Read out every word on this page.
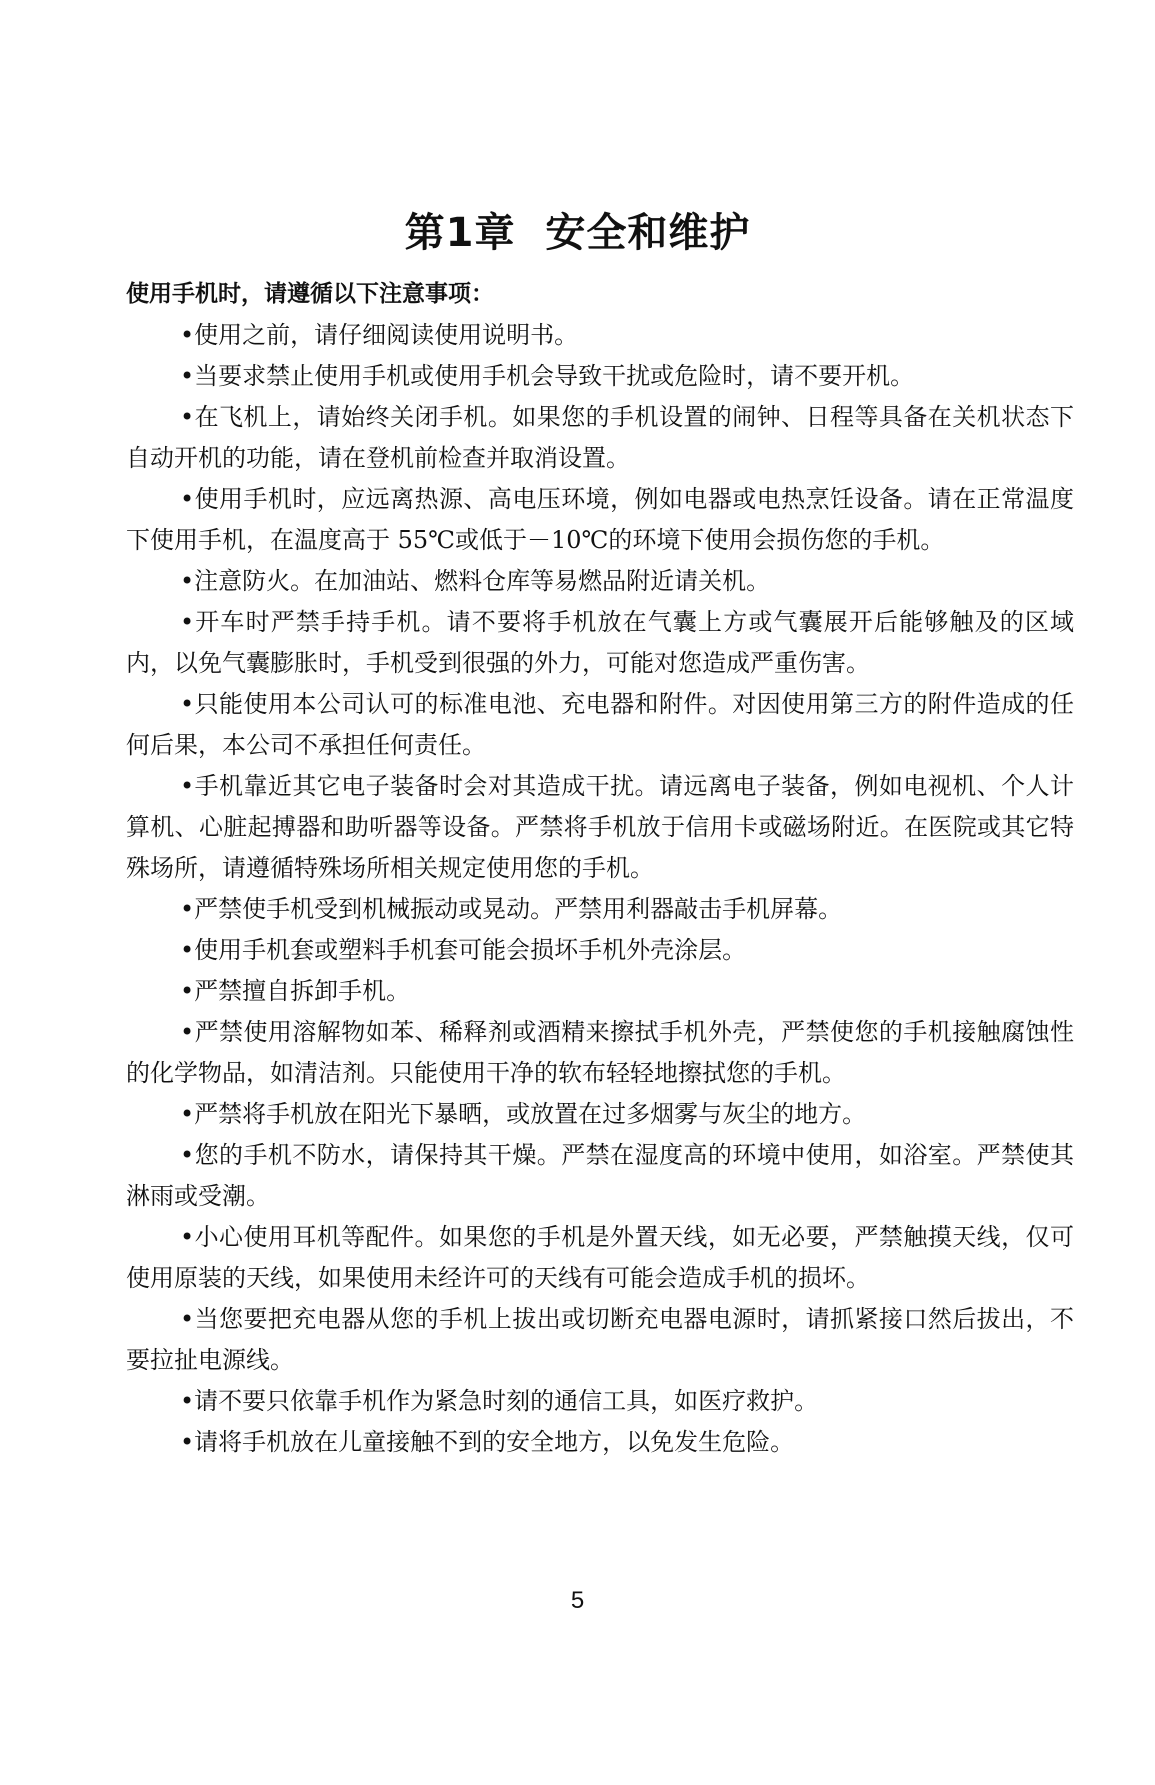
第1章  安全和维护

使用手机时，请遵循以下注意事项：

•使用之前，请仔细阅读使用说明书。

•当要求禁止使用手机或使用手机会导致干扰或危险时，请不要开机。

•在飞机上，请始终关闭手机。如果您的手机设置的闹钟、日程等具备在关机状态下自动开机的功能，请在登机前检查并取消设置。

•使用手机时，应远离热源、高电压环境，例如电器或电热烹饪设备。请在正常温度下使用手机，在温度高于 55℃或低于－10℃的环境下使用会损伤您的手机。

•注意防火。在加油站、燃料仓库等易燃品附近请关机。

•开车时严禁手持手机。请不要将手机放在气囊上方或气囊展开后能够触及的区域内，以免气囊膨胀时，手机受到很强的外力，可能对您造成严重伤害。

•只能使用本公司认可的标准电池、充电器和附件。对因使用第三方的附件造成的任何后果，本公司不承担任何责任。

•手机靠近其它电子装备时会对其造成干扰。请远离电子装备，例如电视机、个人计算机、心脏起搏器和助听器等设备。严禁将手机放于信用卡或磁场附近。在医院或其它特殊场所，请遵循特殊场所相关规定使用您的手机。

•严禁使手机受到机械振动或晃动。严禁用利器敲击手机屏幕。

•使用手机套或塑料手机套可能会损坏手机外壳涂层。

•严禁擅自拆卸手机。

•严禁使用溶解物如苯、稀释剂或酒精来擦拭手机外壳，严禁使您的手机接触腐蚀性的化学物品，如清洁剂。只能使用干净的软布轻轻地擦拭您的手机。

•严禁将手机放在阳光下暴晒，或放置在过多烟雾与灰尘的地方。

•您的手机不防水，请保持其干燥。严禁在湿度高的环境中使用，如浴室。严禁使其淋雨或受潮。

•小心使用耳机等配件。如果您的手机是外置天线，如无必要，严禁触摸天线，仅可使用原装的天线，如果使用未经许可的天线有可能会造成手机的损坏。

•当您要把充电器从您的手机上拔出或切断充电器电源时，请抓紧接口然后拔出，不要拉扯电源线。

•请不要只依靠手机作为紧急时刻的通信工具，如医疗救护。

•请将手机放在儿童接触不到的安全地方，以免发生危险。

5
